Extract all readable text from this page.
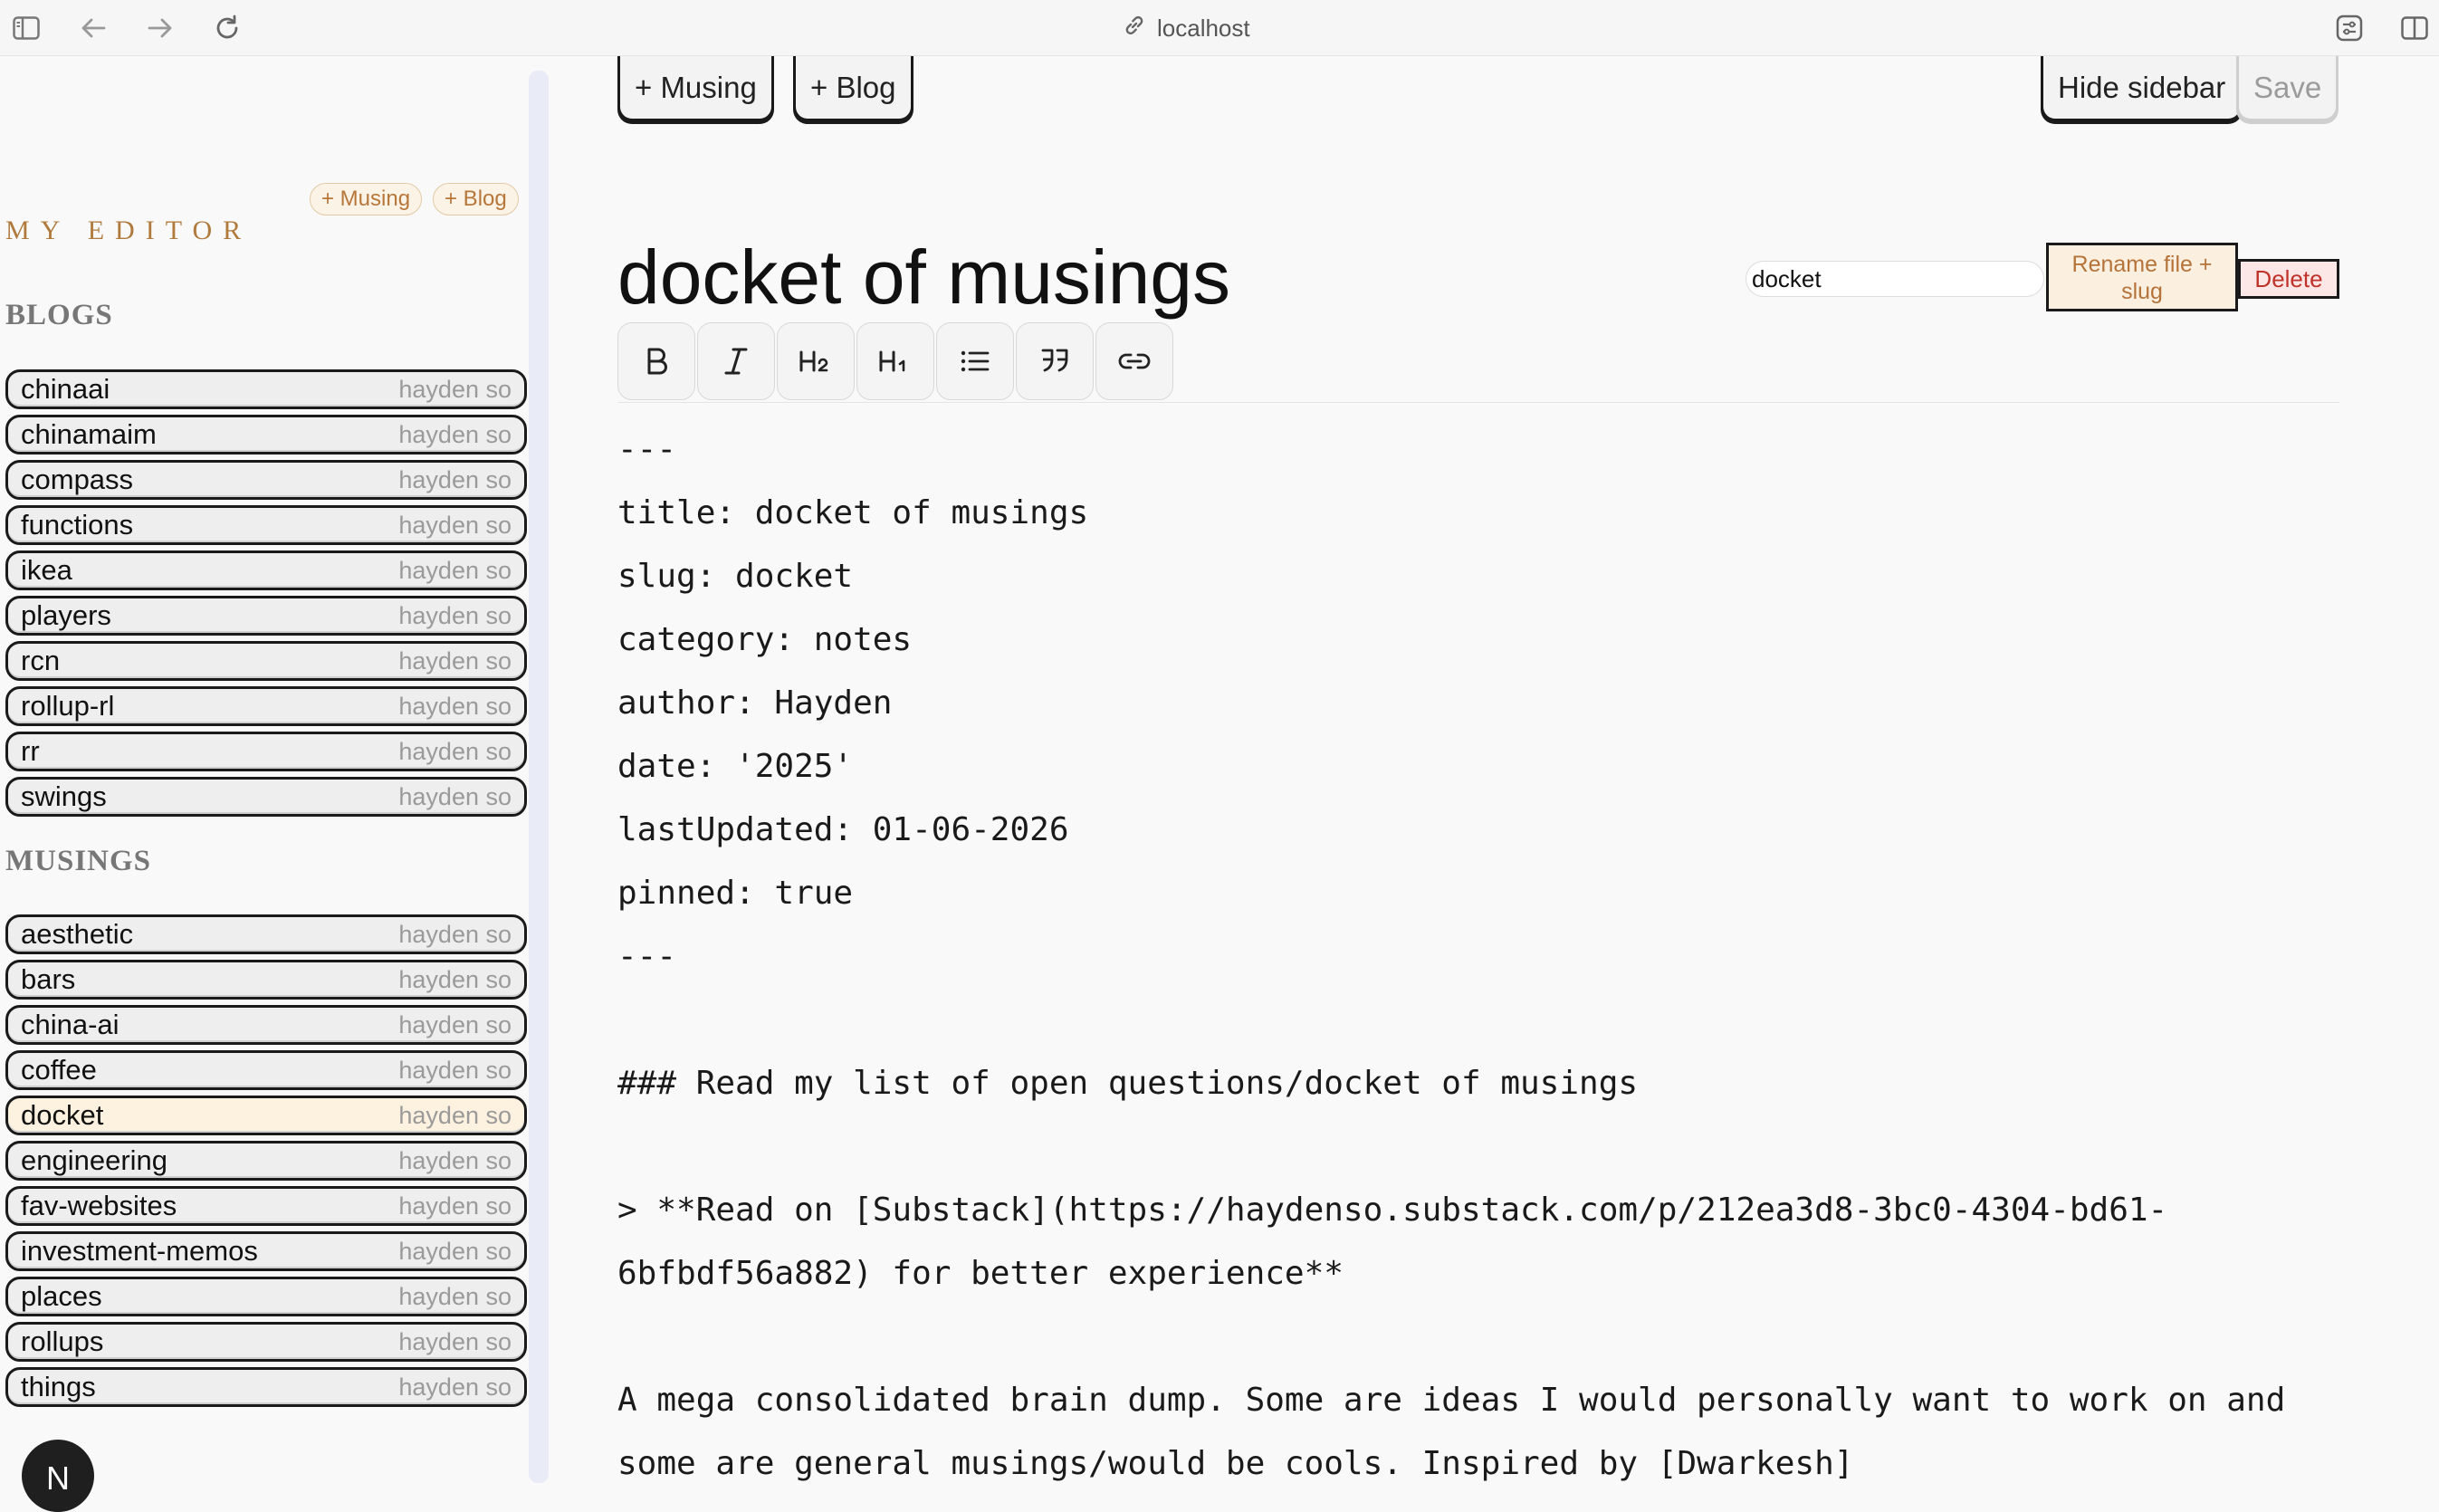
localhost
+ Musing	+ Blog
MY EDITOR
BLOGS
chinaai	hayden so
chinamaim	hayden so
compass	hayden so
functions	hayden so
ikea	hayden so
players	hayden so
rcn	hayden so
rollup-rl	hayden so
rr	hayden so
swings	hayden so
MUSINGS
aesthetic	hayden so
bars	hayden so
china-ai	hayden so
coffee	hayden so
docket	hayden so
engineering	hayden so
fav-websites	hayden so
investment-memos	hayden so
places	hayden so
rollups	hayden so
things	hayden so
N
+ Musing	+ Blog	Hide sidebar Save
docket of musings
docket	Rename file + slug	Delete
---
title: docket of musings
slug: docket
category: notes
author: Hayden
date: '2025'
lastUpdated: 01-06-2026
pinned: true
---
### Read my list of open questions/docket of musings
> **Read on [Substack](https://haydenso.substack.com/p/212ea3d8-3bc0-4304-bd61-
6bfbdf56a882) for better experience**
A mega consolidated brain dump. Some are ideas I would personally want to work on and
some are general musings/would be cools. Inspired by [Dwarkesh]
